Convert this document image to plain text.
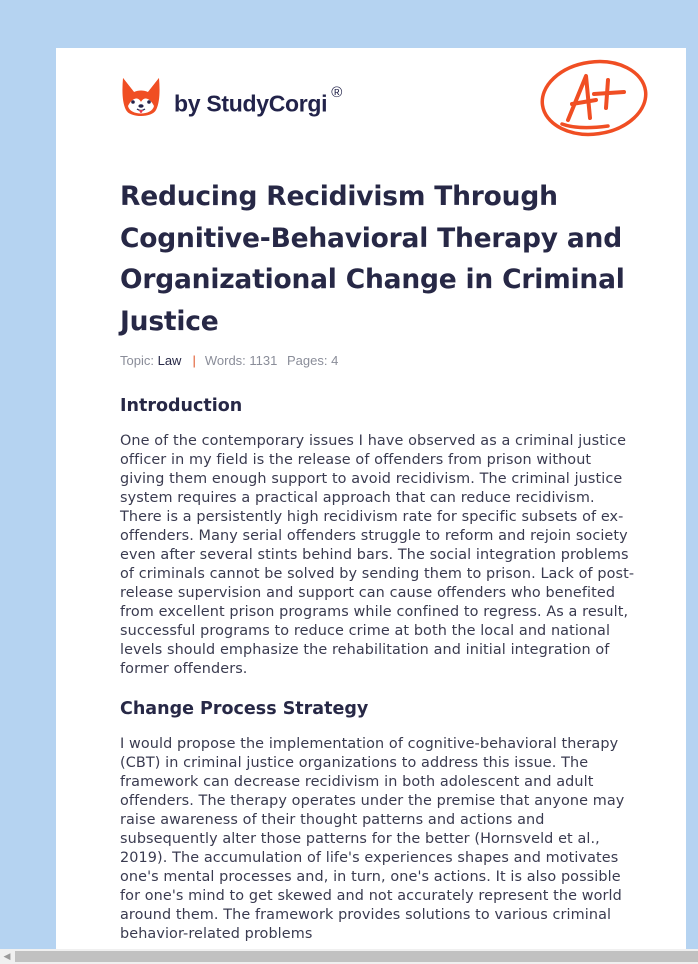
by StudyCorgi ®
Reducing Recidivism Through Cognitive-Behavioral Therapy and Organizational Change in Criminal Justice
Topic: Law | Words: 1131 Pages: 4
Introduction

One of the contemporary issues I have observed as a criminal justice officer in my field is the release of offenders from prison without giving them enough support to avoid recidivism. The criminal justice system requires a practical approach that can reduce recidivism. There is a persistently high recidivism rate for specific subsets of ex-offenders. Many serial offenders struggle to reform and rejoin society even after several stints behind bars. The social integration problems of criminals cannot be solved by sending them to prison. Lack of post-release supervision and support can cause offenders who benefited from excellent prison programs while confined to regress. As a result, successful programs to reduce crime at both the local and national levels should emphasize the rehabilitation and initial integration of former offenders.

Change Process Strategy

I would propose the implementation of cognitive-behavioral therapy (CBT) in criminal justice organizations to address this issue. The framework can decrease recidivism in both adolescent and adult offenders. The therapy operates under the premise that anyone may raise awareness of their thought patterns and actions and subsequently alter those patterns for the better (Hornsveld et al., 2019). The accumulation of life's experiences shapes and motivates one's mental processes and, in turn, one's actions. It is also possible for one's mind to get skewed and not accurately represent the world around them. The framework provides solutions to various criminal behavior-related problems

◀
